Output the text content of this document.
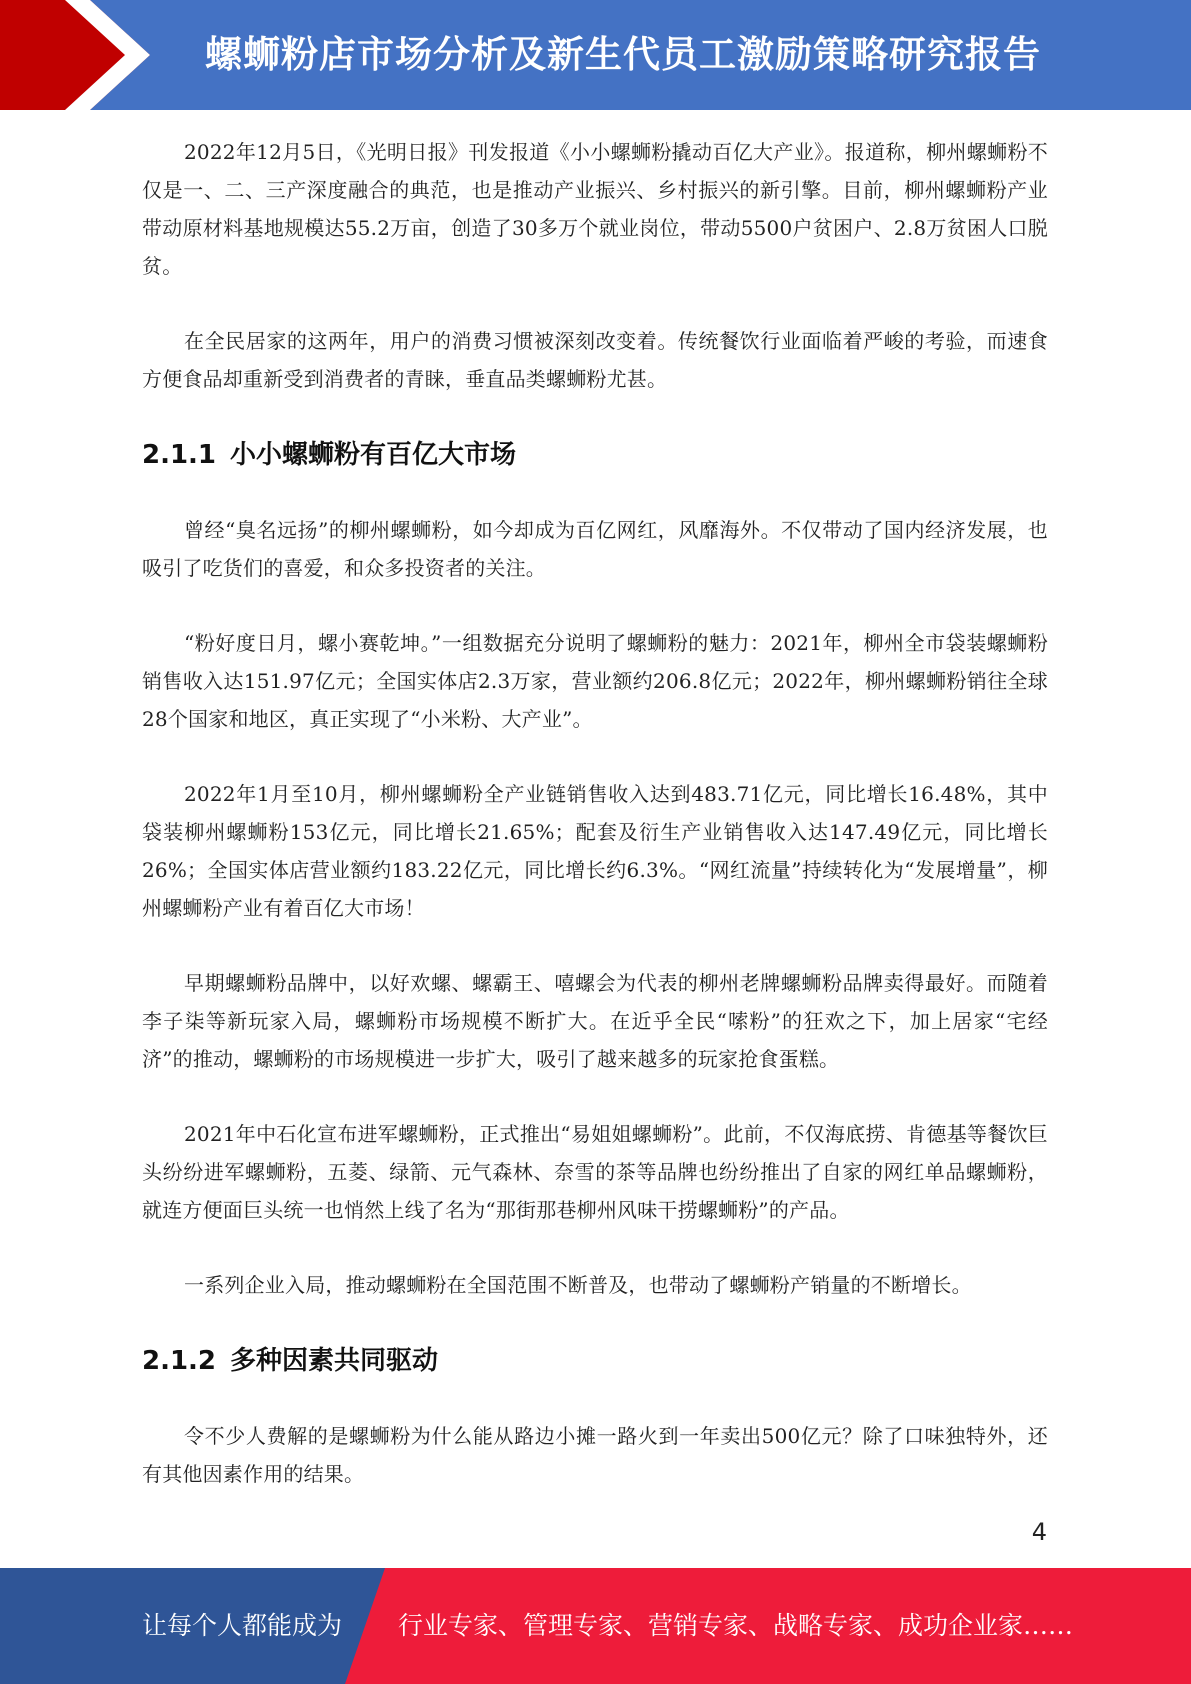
螺蛳粉店市场分析及新生代员工激励策略研究报告

2022年12月5日，《光明日报》刊发报道《小小螺蛳粉撬动百亿大产业》。报道称，柳州螺蛳粉不仅是一、二、三产深度融合的典范，也是推动产业振兴、乡村振兴的新引擎。目前，柳州螺蛳粉产业带动原材料基地规模达55.2万亩，创造了30多万个就业岗位，带动5500户贫困户、2.8万贫困人口脱贫。

在全民居家的这两年，用户的消费习惯被深刻改变着。传统餐饮行业面临着严峻的考验，而速食方便食品却重新受到消费者的青睐，垂直品类螺蛳粉尤甚。

2.1.1 小小螺蛳粉有百亿大市场

曾经“臭名远扬”的柳州螺蛳粉，如今却成为百亿网红，风靡海外。不仅带动了国内经济发展，也吸引了吃货们的喜爱，和众多投资者的关注。

“粉好度日月，螺小赛乾坤。”一组数据充分说明了螺蛳粉的魅力：2021年，柳州全市袋装螺蛳粉销售收入达151.97亿元；全国实体店2.3万家，营业额约206.8亿元；2022年，柳州螺蛳粉销往全球28个国家和地区，真正实现了“小米粉、大产业”。

2022年1月至10月，柳州螺蛳粉全产业链销售收入达到483.71亿元，同比增长16.48%，其中袋装柳州螺蛳粉153亿元，同比增长21.65%；配套及衍生产业销售收入达147.49亿元，同比增长26%；全国实体店营业额约183.22亿元，同比增长约6.3%。“网红流量”持续转化为“发展增量”，柳州螺蛳粉产业有着百亿大市场！

早期螺蛳粉品牌中，以好欢螺、螺霸王、嘻螺会为代表的柳州老牌螺蛳粉品牌卖得最好。而随着李子柒等新玩家入局，螺蛳粉市场规模不断扩大。在近乎全民“嗦粉”的狂欢之下，加上居家“宅经济”的推动，螺蛳粉的市场规模进一步扩大，吸引了越来越多的玩家抢食蛋糕。

2021年中石化宣布进军螺蛳粉，正式推出“易姐姐螺蛳粉”。此前，不仅海底捞、肯德基等餐饮巨头纷纷进军螺蛳粉，五菱、绿箭、元气森林、奈雪的茶等品牌也纷纷推出了自家的网红单品螺蛳粉，就连方便面巨头统一也悄然上线了名为“那街那巷柳州风味干捞螺蛳粉”的产品。

一系列企业入局，推动螺蛳粉在全国范围不断普及，也带动了螺蛳粉产销量的不断增长。

2.1.2 多种因素共同驱动

令不少人费解的是螺蛳粉为什么能从路边小摊一路火到一年卖出500亿元？除了口味独特外，还有其他因素作用的结果。

4
让每个人都能成为 行业专家、管理专家、营销专家、战略专家、成功企业家……
